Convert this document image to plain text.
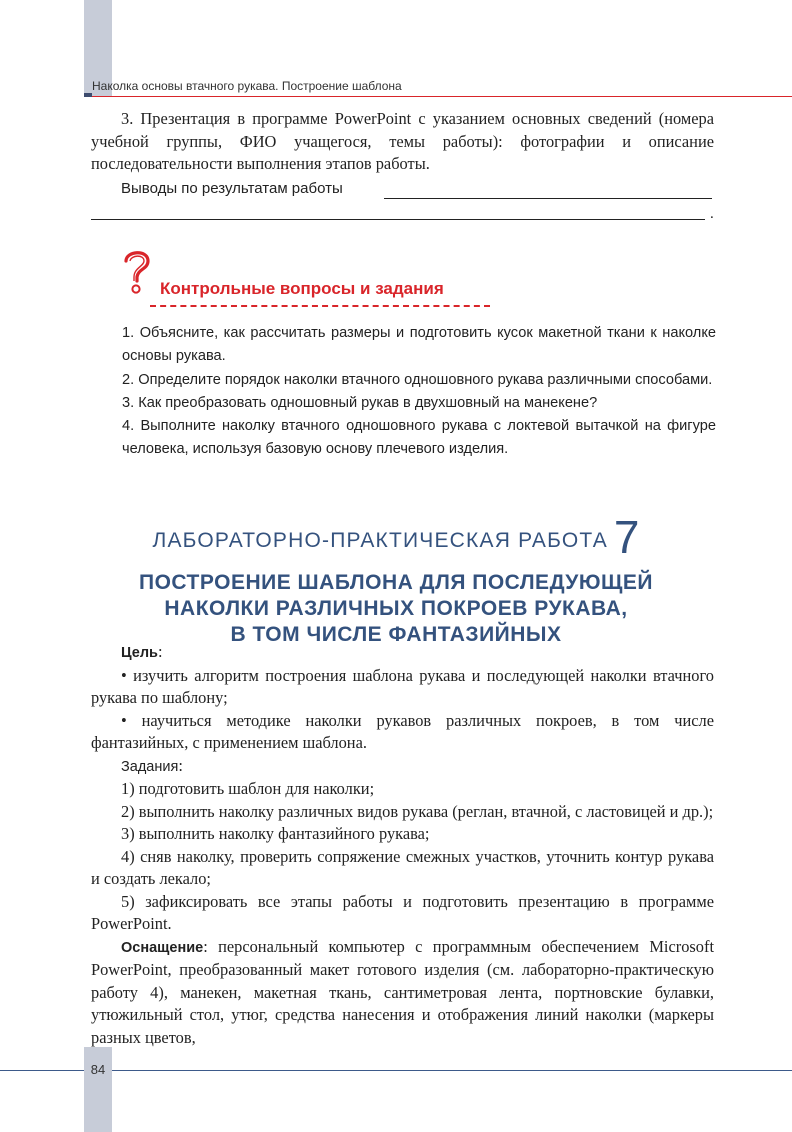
Наколка основы втачного рукава. Построение шаблона

3. Презентация в программе PowerPoint с указанием основных сведений (номера учебной группы, ФИО учащегося, темы работы): фотографии и описание последовательности выполнения этапов работы.

Выводы по результатам работы
.
Контрольные вопросы и задания
1. Объясните, как рассчитать размеры и подготовить кусок макетной ткани к наколке основы рукава.
2. Определите порядок наколки втачного одношовного рукава различными способами.
3. Как преобразовать одношовный рукав в двухшовный на манекене?
4. Выполните наколку втачного одношовного рукава с локтевой вытачкой на фигуре человека, используя базовую основу плечевого изделия.
ЛАБОРАТОРНО-ПРАКТИЧЕСКАЯ РАБОТА 7
ПОСТРОЕНИЕ ШАБЛОНА ДЛЯ ПОСЛЕДУЮЩЕЙ
НАКОЛКИ РАЗЛИЧНЫХ ПОКРОЕВ РУКАВА,
В ТОМ ЧИСЛЕ ФАНТАЗИЙНЫХ

Цель:

• изучить алгоритм построения шаблона рукава и последующей наколки втачного рукава по шаблону;

• научиться методике наколки рукавов различных покроев, в том числе фантазийных, с применением шаблона.

Задания:

1) подготовить шаблон для наколки;

2) выполнить наколку различных видов рукава (реглан, втачной, с ластовицей и др.);

3) выполнить наколку фантазийного рукава;

4) сняв наколку, проверить сопряжение смежных участков, уточнить контур рукава и создать лекало;

5) зафиксировать все этапы работы и подготовить презентацию в программе PowerPoint.

Оснащение: персональный компьютер с программным обеспечением Microsoft PowerPoint, преобразованный макет готового изделия (см. лабораторно-практическую работу 4), манекен, макетная ткань, сантиметровая лента, портновские булавки, утюжильный стол, утюг, средства нанесения и отображения линий наколки (маркеры разных цветов,

84
